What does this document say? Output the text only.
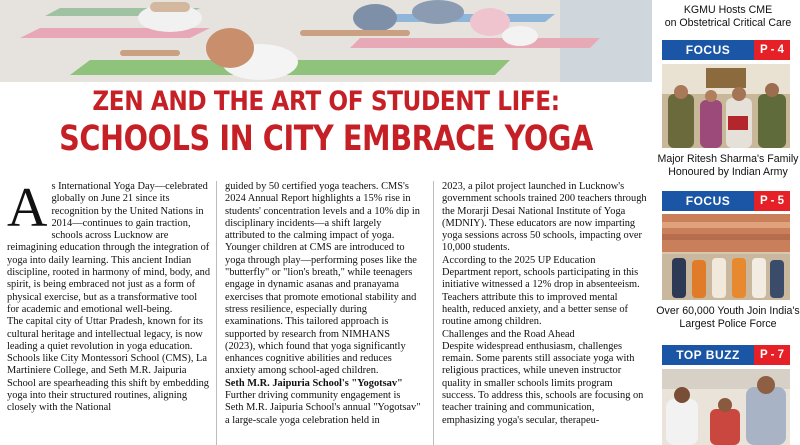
ZEN AND THE ART OF STUDENT LIFE:
SCHOOLS IN CITY EMBRACE YOGA
A s International Yoga Day—celebrated globally on June 21 since its recognition by the United Nations in 2014—continues to gain traction, schools across Lucknow are reimagining education through the integration of yoga into daily learning. This ancient Indian discipline, rooted in harmony of mind, body, and spirit, is being embraced not just as a form of physical exercise, but as a transformative tool for academic and emotional well-being.

The capital city of Uttar Pradesh, known for its cultural heritage and intellectual legacy, is now leading a quiet revolution in yoga education. Schools like City Montessori School (CMS), La Martiniere College, and Seth M.R. Jaipuria School are spearheading this shift by embedding yoga into their structured routines, aligning closely with the National

guided by 50 certified yoga teachers. CMS's 2024 Annual Report highlights a 15% rise in students' concentration levels and a 10% dip in disciplinary incidents—a shift largely attributed to the calming impact of yoga. Younger children at CMS are introduced to yoga through play—performing poses like the "butterfly" or "lion's breath," while teenagers engage in dynamic asanas and pranayama exercises that promote emotional stability and stress resilience, especially during examinations. This tailored approach is supported by research from NIMHANS (2023), which found that yoga significantly enhances cognitive abilities and reduces anxiety among school-aged children.

Seth M.R. Jaipuria School's "Yogotsav"

Further driving community engagement is Seth M.R. Jaipuria School's annual "Yogotsav" a large-scale yoga celebration held in

2023, a pilot project launched in Lucknow's government schools trained 200 teachers through the Morarji Desai National Institute of Yoga (MDNIY). These educators are now imparting yoga sessions across 50 schools, impacting over 10,000 students.

According to the 2025 UP Education Department report, schools participating in this initiative witnessed a 12% drop in absenteeism. Teachers attribute this to improved mental health, reduced anxiety, and a better sense of routine among children.

Challenges and the Road Ahead

Despite widespread enthusiasm, challenges remain. Some parents still associate yoga with religious practices, while uneven instructor quality in smaller schools limits program success. To address this, schools are focusing on teacher training and communication, emphasizing yoga's secular, therapeu-

KGMU Hosts CME
on Obstetrical Critical Care
FOCUS	P - 4
Major Ritesh Sharma's Family
Honoured by Indian Army
FOCUS	P - 5
Over 60,000 Youth Join India's
Largest Police Force
TOP BUZZ	P - 7
